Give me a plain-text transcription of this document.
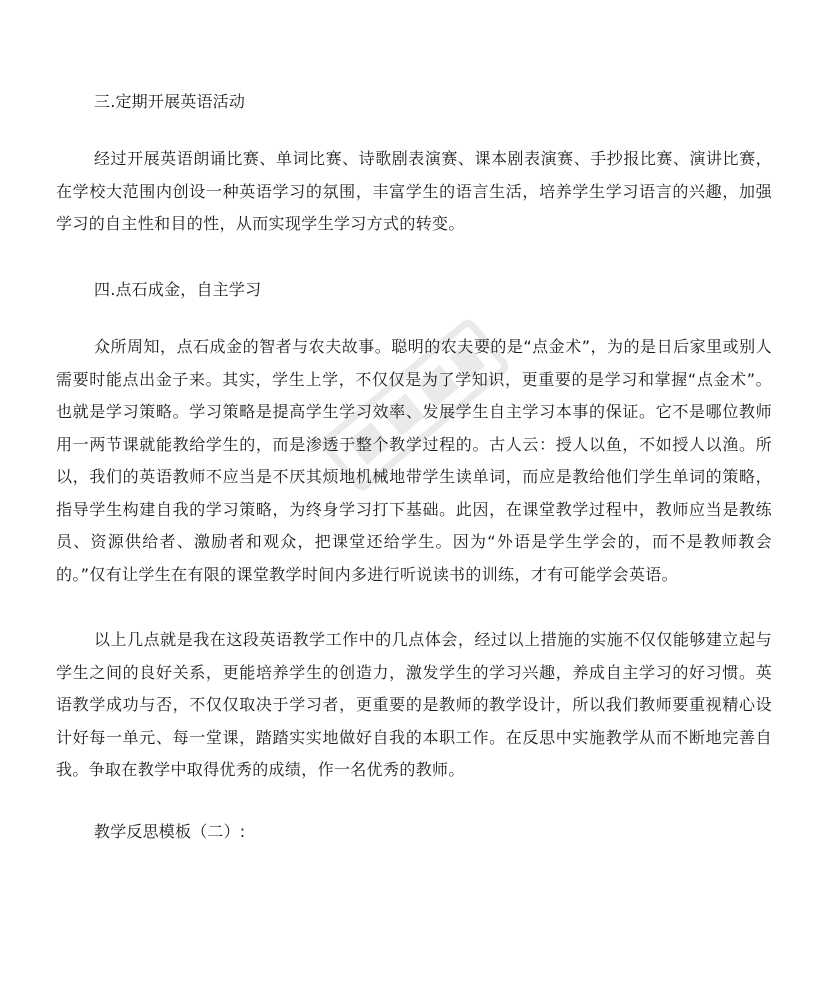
三.定期开展英语活动

经过开展英语朗诵比赛、单词比赛、诗歌剧表演赛、课本剧表演赛、手抄报比赛、演讲比赛，在学校大范围内创设一种英语学习的氛围，丰富学生的语言生活，培养学生学习语言的兴趣，加强学习的自主性和目的性，从而实现学生学习方式的转变。

四.点石成金，自主学习

众所周知，点石成金的智者与农夫故事。聪明的农夫要的是“点金术”，为的是日后家里或别人需要时能点出金子来。其实，学生上学，不仅仅是为了学知识，更重要的是学习和掌握“点金术”。也就是学习策略。学习策略是提高学生学习效率、发展学生自主学习本事的保证。它不是哪位教师用一两节课就能教给学生的，而是渗透于整个教学过程的。古人云：授人以鱼，不如授人以渔。所以，我们的英语教师不应当是不厌其烦地机械地带学生读单词，而应是教给他们学生单词的策略，指导学生构建自我的学习策略，为终身学习打下基础。此因，在课堂教学过程中，教师应当是教练员、资源供给者、激励者和观众，把课堂还给学生。因为“外语是学生学会的，而不是教师教会的。”仅有让学生在有限的课堂教学时间内多进行听说读书的训练，才有可能学会英语。

以上几点就是我在这段英语教学工作中的几点体会，经过以上措施的实施不仅仅能够建立起与学生之间的良好关系，更能培养学生的创造力，激发学生的学习兴趣，养成自主学习的好习惯。英语教学成功与否，不仅仅取决于学习者，更重要的是教师的教学设计，所以我们教师要重视精心设计好每一单元、每一堂课，踏踏实实地做好自我的本职工作。在反思中实施教学从而不断地完善自我。争取在教学中取得优秀的成绩，作一名优秀的教师。

教学反思模板（二）:
